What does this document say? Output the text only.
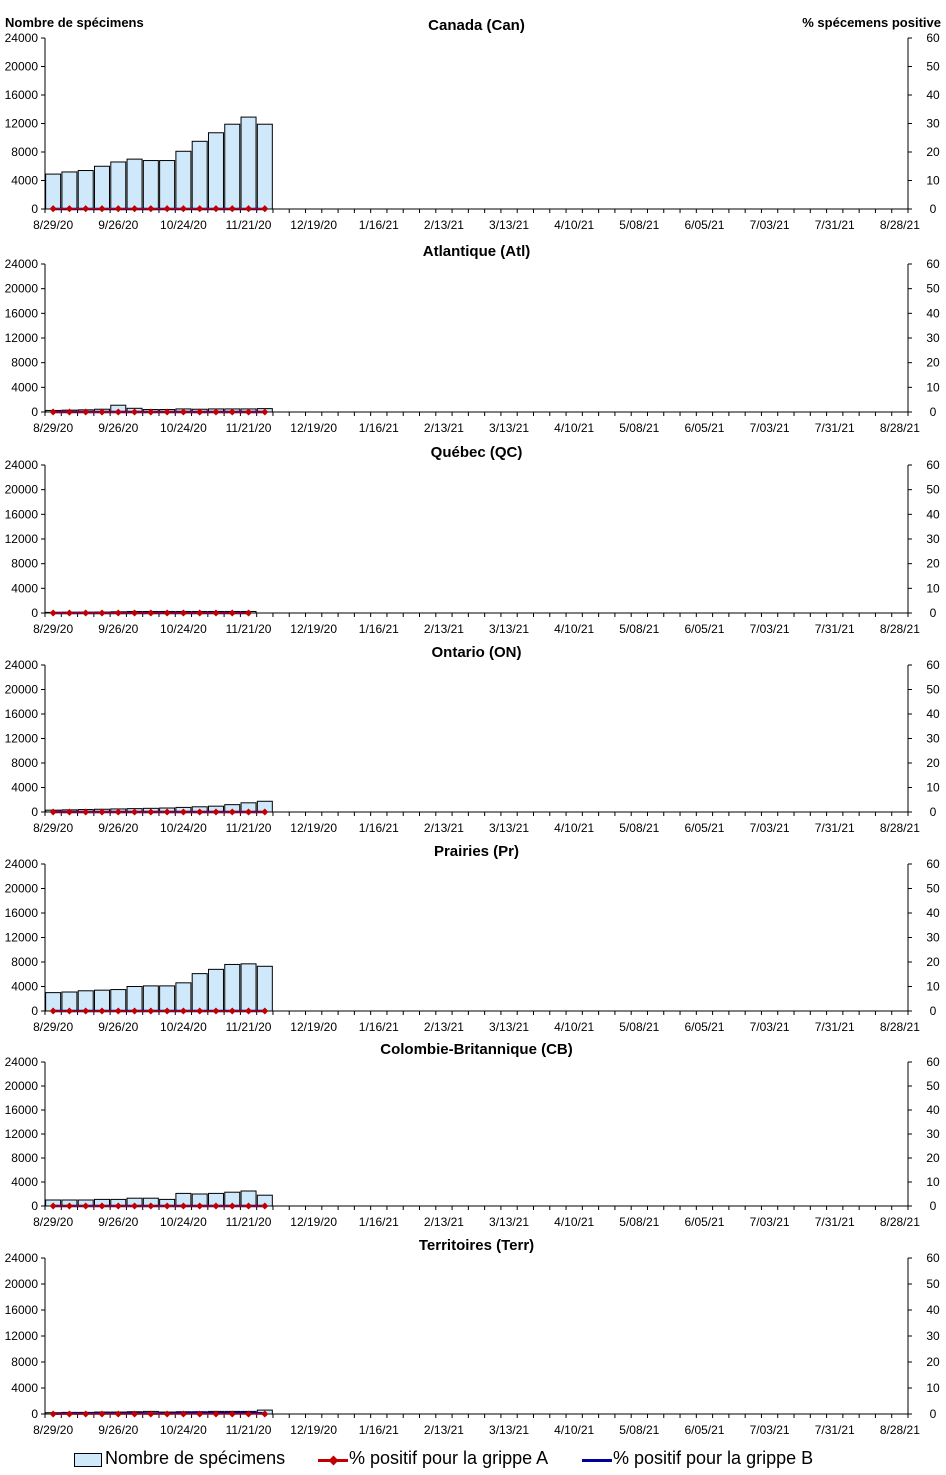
Nombre de spécimens	% spécemens positive
Canada (Can)
0
4000
8000
12000
16000
20000
24000
0
10
20
30
40
50
60
8/29/20 9/26/20 10/24/20 11/21/20 12/19/20 1/16/21 2/13/21 3/13/21 4/10/21 5/08/21 6/05/21 7/03/21 7/31/21 8/28/21
Atlantique (Atl)
0
4000
8000
12000
16000
20000
24000
0
10
20
30
40
50
60
8/29/20 9/26/20 10/24/20 11/21/20 12/19/20 1/16/21 2/13/21 3/13/21 4/10/21 5/08/21 6/05/21 7/03/21 7/31/21 8/28/21
Québec (QC)
0
4000
8000
12000
16000
20000
24000
0
10
20
30
40
50
60
8/29/20 9/26/20 10/24/20 11/21/20 12/19/20 1/16/21 2/13/21 3/13/21 4/10/21 5/08/21 6/05/21 7/03/21 7/31/21 8/28/21
Ontario (ON)
0
4000
8000
12000
16000
20000
24000
0
10
20
30
40
50
60
8/29/20 9/26/20 10/24/20 11/21/20 12/19/20 1/16/21 2/13/21 3/13/21 4/10/21 5/08/21 6/05/21 7/03/21 7/31/21 8/28/21
Prairies (Pr)
0
4000
8000
12000
16000
20000
24000
0
10
20
30
40
50
60
8/29/20 9/26/20 10/24/20 11/21/20 12/19/20 1/16/21 2/13/21 3/13/21 4/10/21 5/08/21 6/05/21 7/03/21 7/31/21 8/28/21
Colombie-Britannique (CB)
0
4000
8000
12000
16000
20000
24000
0
10
20
30
40
50
60
8/29/20 9/26/20 10/24/20 11/21/20 12/19/20 1/16/21 2/13/21 3/13/21 4/10/21 5/08/21 6/05/21 7/03/21 7/31/21 8/28/21
Territoires (Terr)
0
4000
8000
12000
16000
20000
24000
0
10
20
30
40
50
60
8/29/20 9/26/20 10/24/20 11/21/20 12/19/20 1/16/21 2/13/21 3/13/21 4/10/21 5/08/21 6/05/21 7/03/21 7/31/21 8/28/21
Nombre de spécimens	% positif pour la grippe A	% positif pour la grippe B
